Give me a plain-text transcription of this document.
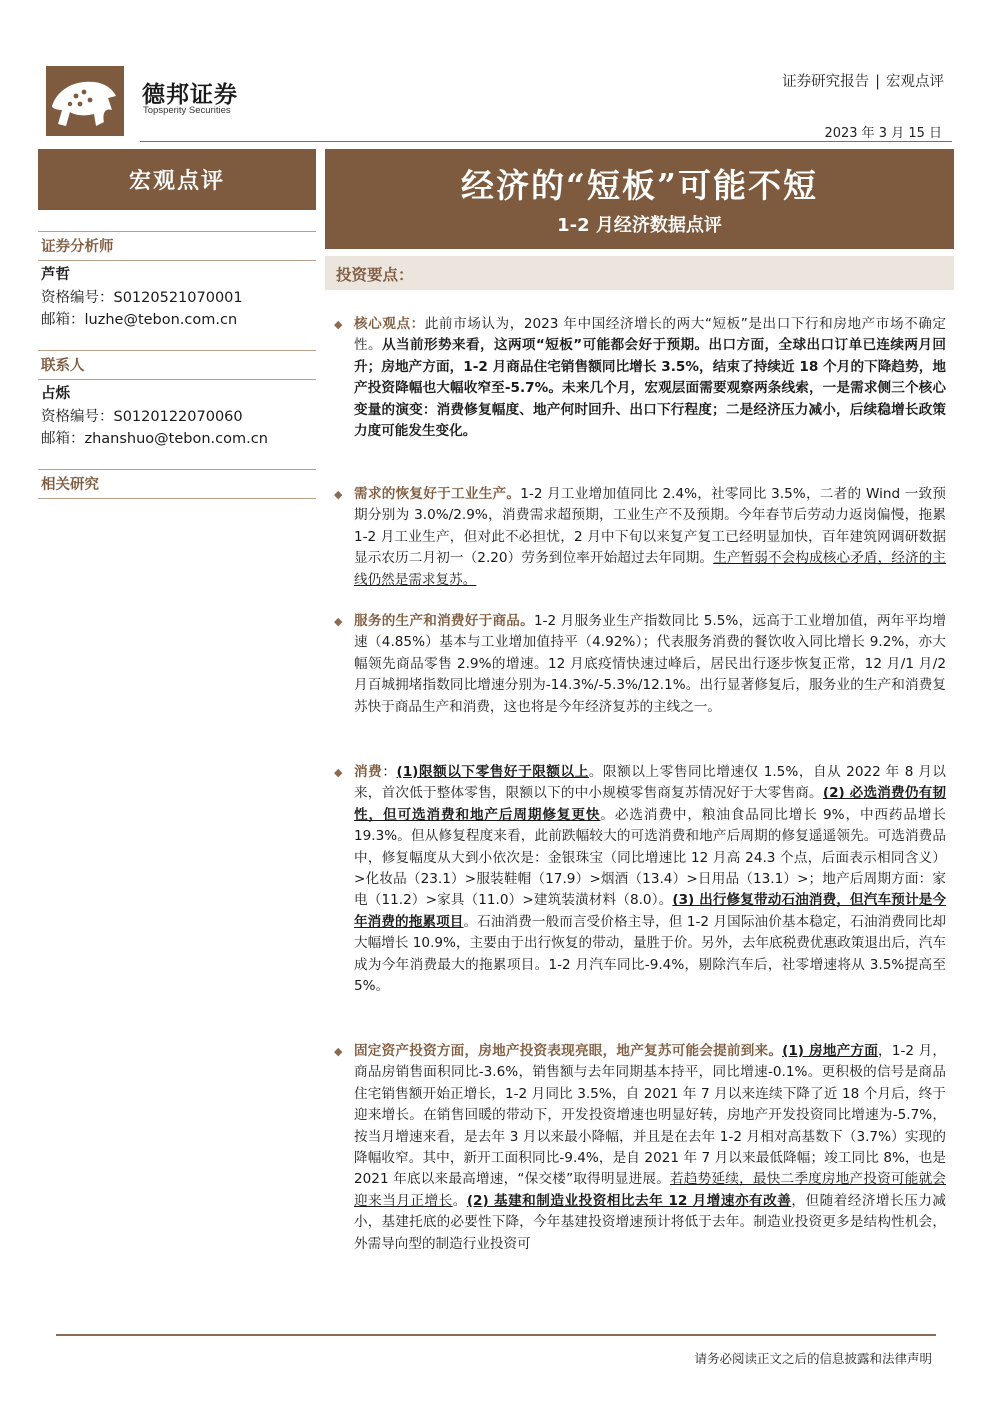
德邦证券
Topsperity Securities
证券研究报告 | 宏观点评
2023 年 3 月 15 日
宏观点评	经济的“短板”可能不短
1-2 月经济数据点评
证券分析师
芦哲
资格编号：S0120521070001
邮箱：luzhe@tebon.com.cn
联系人
占烁
资格编号：S0120122070060
邮箱：zhanshuo@tebon.com.cn
相关研究
投资要点：
◆ 核心观点：此前市场认为，2023 年中国经济增长的两大“短板”是出口下行和房地产市场不确定性。从当前形势来看，这两项“短板”可能都会好于预期。出口方面，全球出口订单已连续两月回升；房地产方面，1-2 月商品住宅销售额同比增长 3.5%，结束了持续近 18 个月的下降趋势，地产投资降幅也大幅收窄至-5.7%。未来几个月，宏观层面需要观察两条线索，一是需求侧三个核心变量的演变：消费修复幅度、地产何时回升、出口下行程度；二是经济压力减小，后续稳增长政策力度可能发生变化。
◆ 需求的恢复好于工业生产。1-2 月工业增加值同比 2.4%，社零同比 3.5%，二者的 Wind 一致预期分别为 3.0%/2.9%，消费需求超预期，工业生产不及预期。今年春节后劳动力返岗偏慢，拖累 1-2 月工业生产，但对此不必担忧，2 月中下旬以来复产复工已经明显加快，百年建筑网调研数据显示农历二月初一（2.20）劳务到位率开始超过去年同期。生产暂弱不会构成核心矛盾，经济的主线仍然是需求复苏。
◆ 服务的生产和消费好于商品。1-2 月服务业生产指数同比 5.5%，远高于工业增加值，两年平均增速（4.85%）基本与工业增加值持平（4.92%）；代表服务消费的餐饮收入同比增长 9.2%，亦大幅领先商品零售 2.9%的增速。12 月底疫情快速过峰后，居民出行逐步恢复正常，12 月/1 月/2 月百城拥堵指数同比增速分别为-14.3%/-5.3%/12.1%。出行显著修复后，服务业的生产和消费复苏快于商品生产和消费，这也将是今年经济复苏的主线之一。
◆ 消费：(1)限额以下零售好于限额以上。限额以上零售同比增速仅 1.5%，自从 2022 年 8 月以来，首次低于整体零售，限额以下的中小规模零售商复苏情况好于大零售商。(2) 必选消费仍有韧性，但可选消费和地产后周期修复更快。必选消费中，粮油食品同比增长 9%，中西药品增长 19.3%。但从修复程度来看，此前跌幅较大的可选消费和地产后周期的修复遥遥领先。可选消费品中，修复幅度从大到小依次是：金银珠宝（同比增速比 12 月高 24.3 个点，后面表示相同含义）>化妆品（23.1）>服装鞋帽（17.9）>烟酒（13.4）>日用品（13.1）>；地产后周期方面：家电（11.2）>家具（11.0）>建筑装潢材料（8.0）。(3) 出行修复带动石油消费，但汽车预计是今年消费的拖累项目。石油消费一般而言受价格主导，但 1-2 月国际油价基本稳定，石油消费同比却大幅增长 10.9%，主要由于出行恢复的带动，量胜于价。另外，去年底税费优惠政策退出后，汽车成为今年消费最大的拖累项目。1-2 月汽车同比-9.4%，剔除汽车后，社零增速将从 3.5%提高至 5%。
◆ 固定资产投资方面，房地产投资表现亮眼，地产复苏可能会提前到来。(1) 房地产方面，1-2 月，商品房销售面积同比-3.6%，销售额与去年同期基本持平，同比增速-0.1%。更积极的信号是商品住宅销售额开始正增长，1-2 月同比 3.5%，自 2021 年 7 月以来连续下降了近 18 个月后，终于迎来增长。在销售回暖的带动下，开发投资增速也明显好转，房地产开发投资同比增速为-5.7%，按当月增速来看，是去年 3 月以来最小降幅，并且是在去年 1-2 月相对高基数下（3.7%）实现的降幅收窄。其中，新开工面积同比-9.4%，是自 2021 年 7 月以来最低降幅；竣工同比 8%，也是 2021 年底以来最高增速，“保交楼”取得明显进展。若趋势延续，最快二季度房地产投资可能就会迎来当月正增长。(2) 基建和制造业投资相比去年 12 月增速亦有改善，但随着经济增长压力减小，基建托底的必要性下降，今年基建投资增速预计将低于去年。制造业投资更多是结构性机会，外需导向型的制造行业投资可
请务必阅读正文之后的信息披露和法律声明
